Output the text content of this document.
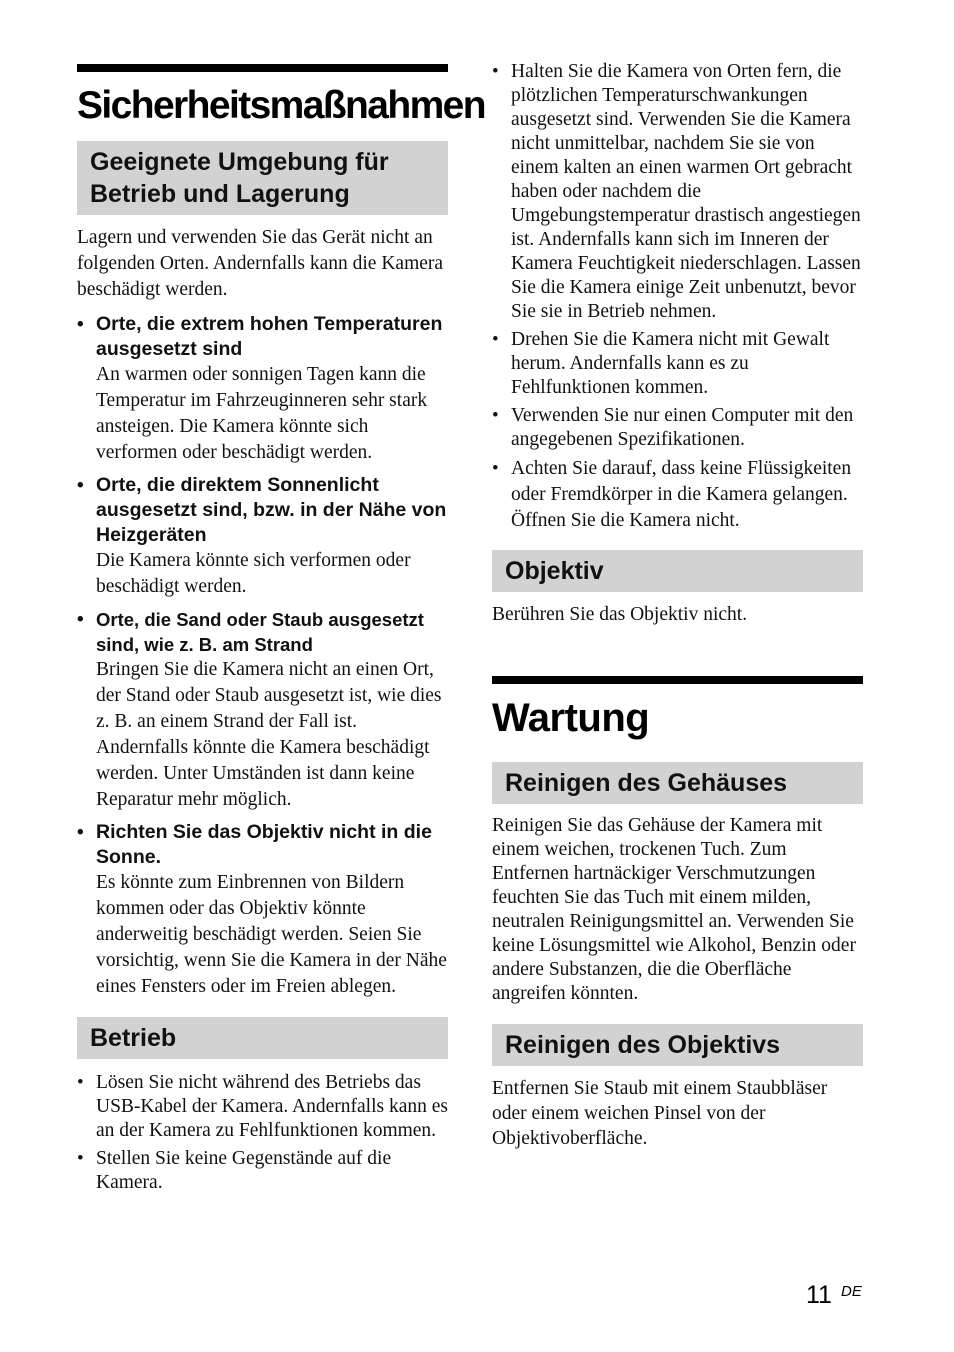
Sicherheitsmaßnahmen
Geeignete Umgebung für Betrieb und Lagerung

Lagern und verwenden Sie das Gerät nicht an folgenden Orten. Andernfalls kann die Kamera beschädigt werden.

• Orte, die extrem hohen Temperaturen ausgesetzt sind
An warmen oder sonnigen Tagen kann die Temperatur im Fahrzeuginneren sehr stark ansteigen. Die Kamera könnte sich verformen oder beschädigt werden.
• Orte, die direktem Sonnenlicht ausgesetzt sind, bzw. in der Nähe von Heizgeräten
Die Kamera könnte sich verformen oder beschädigt werden.
• Orte, die Sand oder Staub ausgesetzt sind, wie z. B. am Strand
Bringen Sie die Kamera nicht an einen Ort, der Stand oder Staub ausgesetzt ist, wie dies z. B. an einem Strand der Fall ist. Andernfalls könnte die Kamera beschädigt werden. Unter Umständen ist dann keine Reparatur mehr möglich.
• Richten Sie das Objektiv nicht in die Sonne.
Es könnte zum Einbrennen von Bildern kommen oder das Objektiv könnte anderweitig beschädigt werden. Seien Sie vorsichtig, wenn Sie die Kamera in der Nähe eines Fensters oder im Freien ablegen.
Betrieb
• Lösen Sie nicht während des Betriebs das USB-Kabel der Kamera. Andernfalls kann es an der Kamera zu Fehlfunktionen kommen.
• Stellen Sie keine Gegenstände auf die Kamera.
• Halten Sie die Kamera von Orten fern, die plötzlichen Temperaturschwankungen ausgesetzt sind. Verwenden Sie die Kamera nicht unmittelbar, nachdem Sie sie von einem kalten an einen warmen Ort gebracht haben oder nachdem die Umgebungstemperatur drastisch angestiegen ist. Andernfalls kann sich im Inneren der Kamera Feuchtigkeit niederschlagen. Lassen Sie die Kamera einige Zeit unbenutzt, bevor Sie sie in Betrieb nehmen.
• Drehen Sie die Kamera nicht mit Gewalt herum. Andernfalls kann es zu Fehlfunktionen kommen.
• Verwenden Sie nur einen Computer mit den angegebenen Spezifikationen.
• Achten Sie darauf, dass keine Flüssigkeiten oder Fremdkörper in die Kamera gelangen. Öffnen Sie die Kamera nicht.
Objektiv

Berühren Sie das Objektiv nicht.

Wartung
Reinigen des Gehäuses

Reinigen Sie das Gehäuse der Kamera mit einem weichen, trockenen Tuch. Zum Entfernen hartnäckiger Verschmutzungen feuchten Sie das Tuch mit einem milden, neutralen Reinigungsmittel an. Verwenden Sie keine Lösungsmittel wie Alkohol, Benzin oder andere Substanzen, die die Oberfläche angreifen könnten.

Reinigen des Objektivs

Entfernen Sie Staub mit einem Staubbläser oder einem weichen Pinsel von der Objektivoberfläche.

11 DE
